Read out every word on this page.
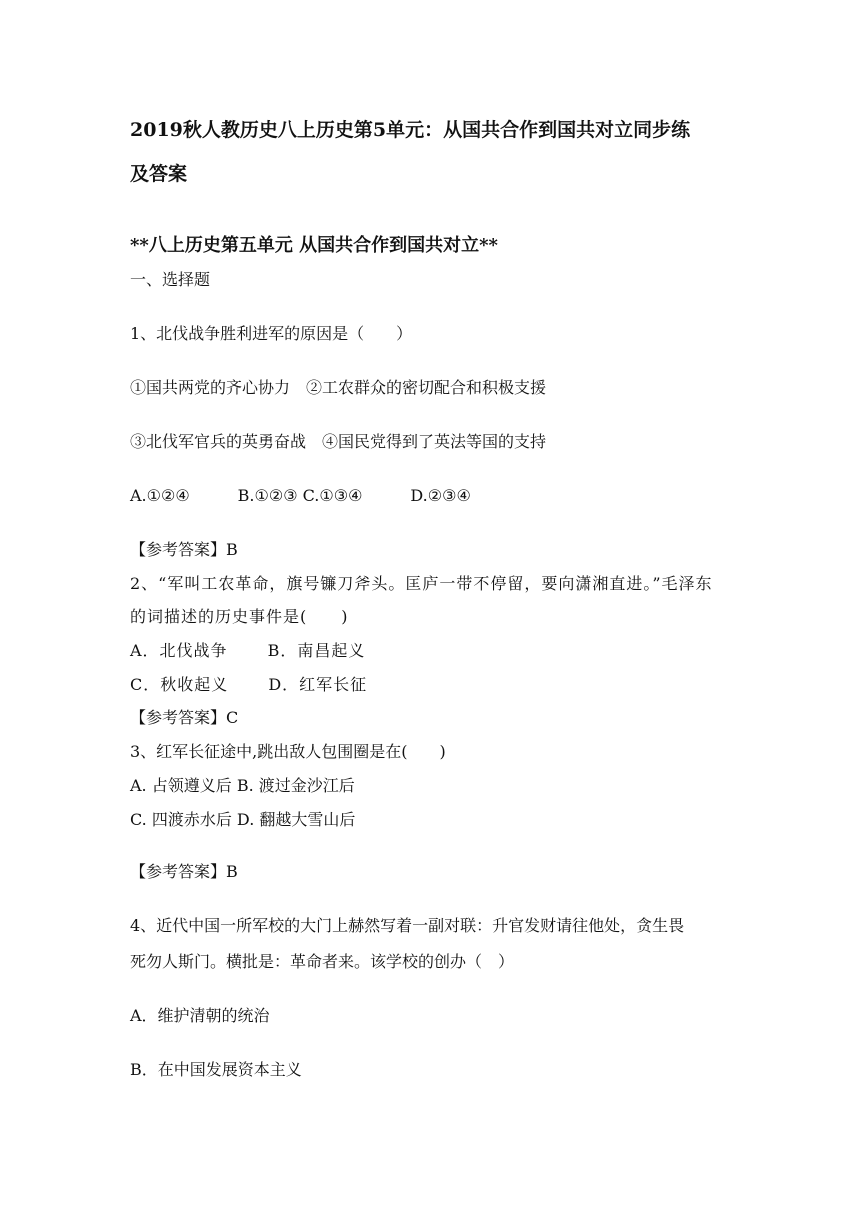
2019秋人教历史八上历史第5单元：从国共合作到国共对立同步练
及答案
**八上历史第五单元 从国共合作到国共对立**
一、选择题
1、北伐战争胜利进军的原因是（　　）
①国共两党的齐心协力　②工农群众的密切配合和积极支援
③北伐军官兵的英勇奋战　④国民党得到了英法等国的支持
A.①②④　　　B.①②③ C.①③④　　　D.②③④
【参考答案】B
2、“军叫工农革命，旗号镰刀斧头。匡庐一带不停留，要向潇湘直进。”毛泽东
的词描述的历史事件是(　　)
A．北伐战争　　 B．南昌起义
C．秋收起义　　 D．红军长征
【参考答案】C
3、红军长征途中,跳出敌人包围圈是在(　　)
A. 占领遵义后 B. 渡过金沙江后
C. 四渡赤水后 D. 翻越大雪山后
【参考答案】B
4、近代中国一所军校的大门上赫然写着一副对联：升官发财请往他处，贪生畏
死勿人斯门。横批是：革命者来。该学校的创办（　）
A．维护清朝的统治
B．在中国发展资本主义
